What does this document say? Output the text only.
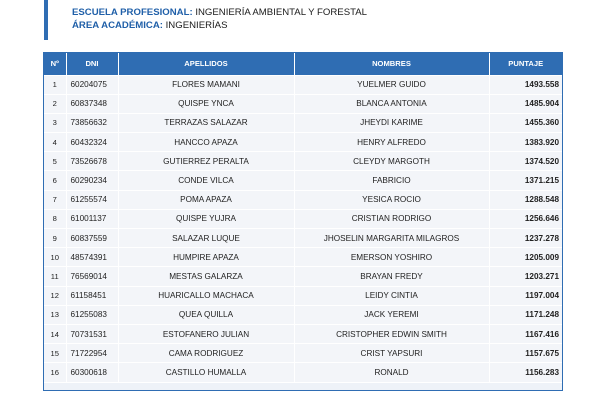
ESCUELA PROFESIONAL: INGENIERÍA AMBIENTAL Y FORESTAL
ÁREA ACADÉMICA: INGENIERÍAS
Nº	DNI	APELLIDOS	NOMBRES	PUNTAJE
1	60204075	FLORES MAMANI	YUELMER GUIDO	1493.558
2	60837348	QUISPE YNCA	BLANCA ANTONIA	1485.904
3	73856632	TERRAZAS SALAZAR	JHEYDI KARIME	1455.360
4	60432324	HANCCO APAZA	HENRY ALFREDO	1383.920
5	73526678	GUTIERREZ PERALTA	CLEYDY MARGOTH	1374.520
6	60290234	CONDE VILCA	FABRICIO	1371.215
7	61255574	POMA APAZA	YESICA ROCIO	1288.548
8	61001137	QUISPE YUJRA	CRISTIAN RODRIGO	1256.646
9	60837559	SALAZAR LUQUE	JHOSELIN MARGARITA MILAGROS	1237.278
10	48574391	HUMPIRE APAZA	EMERSON YOSHIRO	1205.009
11	76569014	MESTAS GALARZA	BRAYAN FREDY	1203.271
12	61158451	HUARICALLO MACHACA	LEIDY CINTIA	1197.004
13	61255083	QUEA QUILLA	JACK YEREMI	1171.248
14	70731531	ESTOFANERO JULIAN	CRISTOPHER EDWIN SMITH	1167.416
15	71722954	CAMA RODRIGUEZ	CRIST YAPSURI	1157.675
16	60300618	CASTILLO HUMALLA	RONALD	1156.283
